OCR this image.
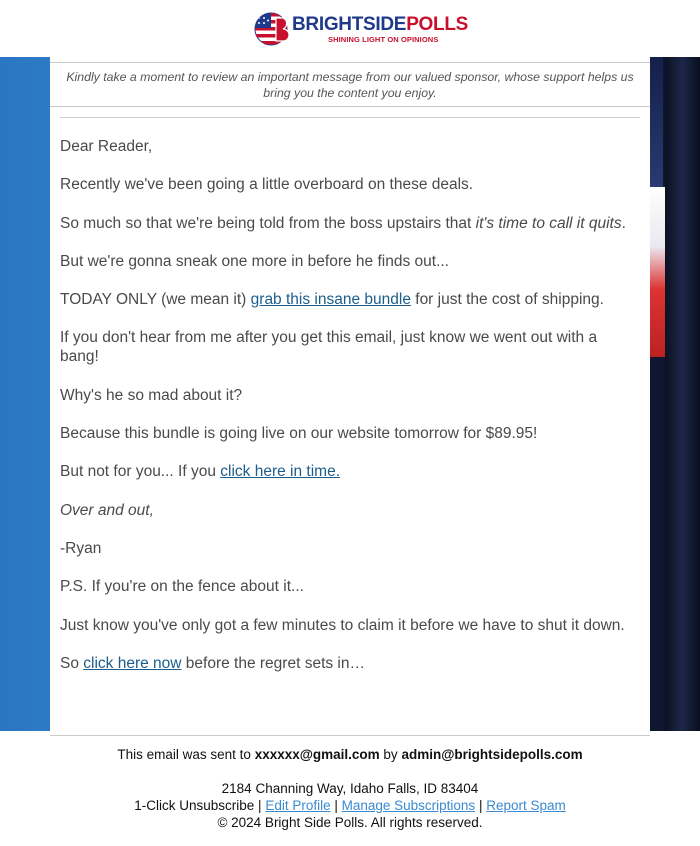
BRIGHTSIDEPOLLS
SHINING LIGHT ON OPINIONS
Kindly take a moment to review an important message from our valued sponsor, whose support helps us bring you the content you enjoy.

Dear Reader,

Recently we've been going a little overboard on these deals.

So much so that we're being told from the boss upstairs that it's time to call it quits.

But we're gonna sneak one more in before he finds out...

TODAY ONLY (we mean it) grab this insane bundle for just the cost of shipping.

If you don't hear from me after you get this email, just know we went out with a bang!

Why's he so mad about it?

Because this bundle is going live on our website tomorrow for $89.95!

But not for you... If you click here in time.

Over and out,

-Ryan

P.S. If you're on the fence about it...

Just know you've only got a few minutes to claim it before we have to shut it down.

So click here now before the regret sets in…

This email was sent to xxxxxx@gmail.com by admin@brightsidepolls.com
2184 Channing Way, Idaho Falls, ID 83404
1-Click Unsubscribe | Edit Profile | Manage Subscriptions | Report Spam
© 2024 Bright Side Polls. All rights reserved.
